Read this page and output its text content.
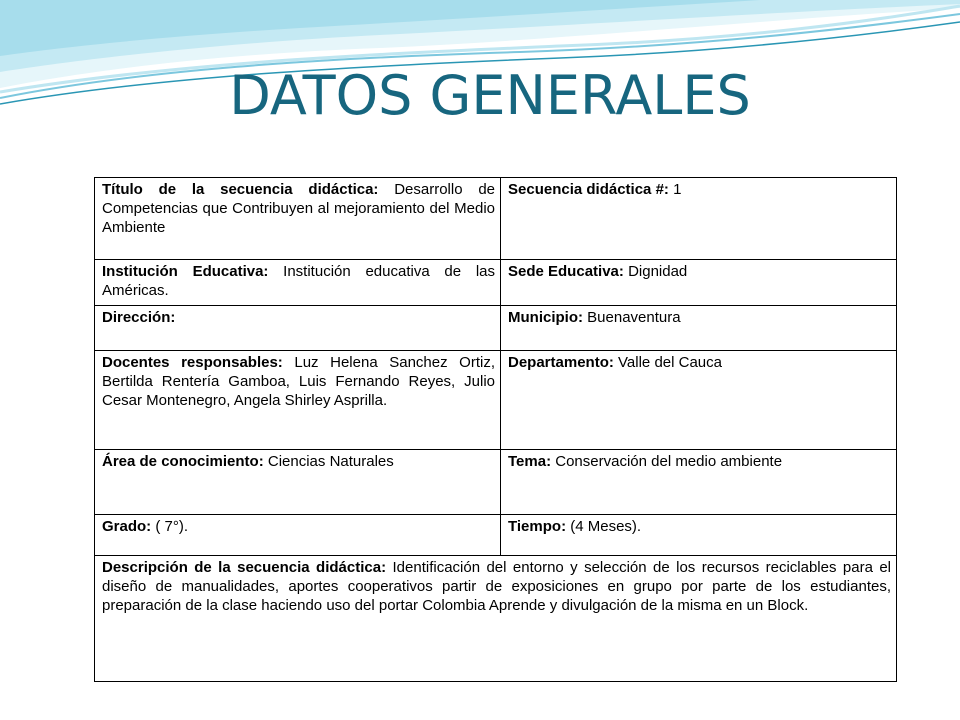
DATOS GENERALES
Título de la secuencia didáctica: Desarrollo de Competencias que Contribuyen al mejoramiento del Medio Ambiente	Secuencia didáctica #: 1
Institución Educativa: Institución educativa de las Américas.	Sede Educativa: Dignidad
Dirección:	Municipio: Buenaventura
Docentes responsables: Luz Helena Sanchez Ortiz, Bertilda Rentería Gamboa, Luis Fernando Reyes, Julio Cesar Montenegro, Angela Shirley Asprilla.	Departamento: Valle del Cauca
Área de conocimiento: Ciencias Naturales	Tema: Conservación del medio ambiente
Grado: ( 7°).	Tiempo: (4 Meses).
Descripción de la secuencia didáctica: Identificación del entorno y selección de los recursos reciclables para el diseño de manualidades, aportes cooperativos partir de exposiciones en grupo por parte de los estudiantes, preparación de la clase haciendo uso del portar Colombia Aprende y divulgación de la misma en un Block.	
